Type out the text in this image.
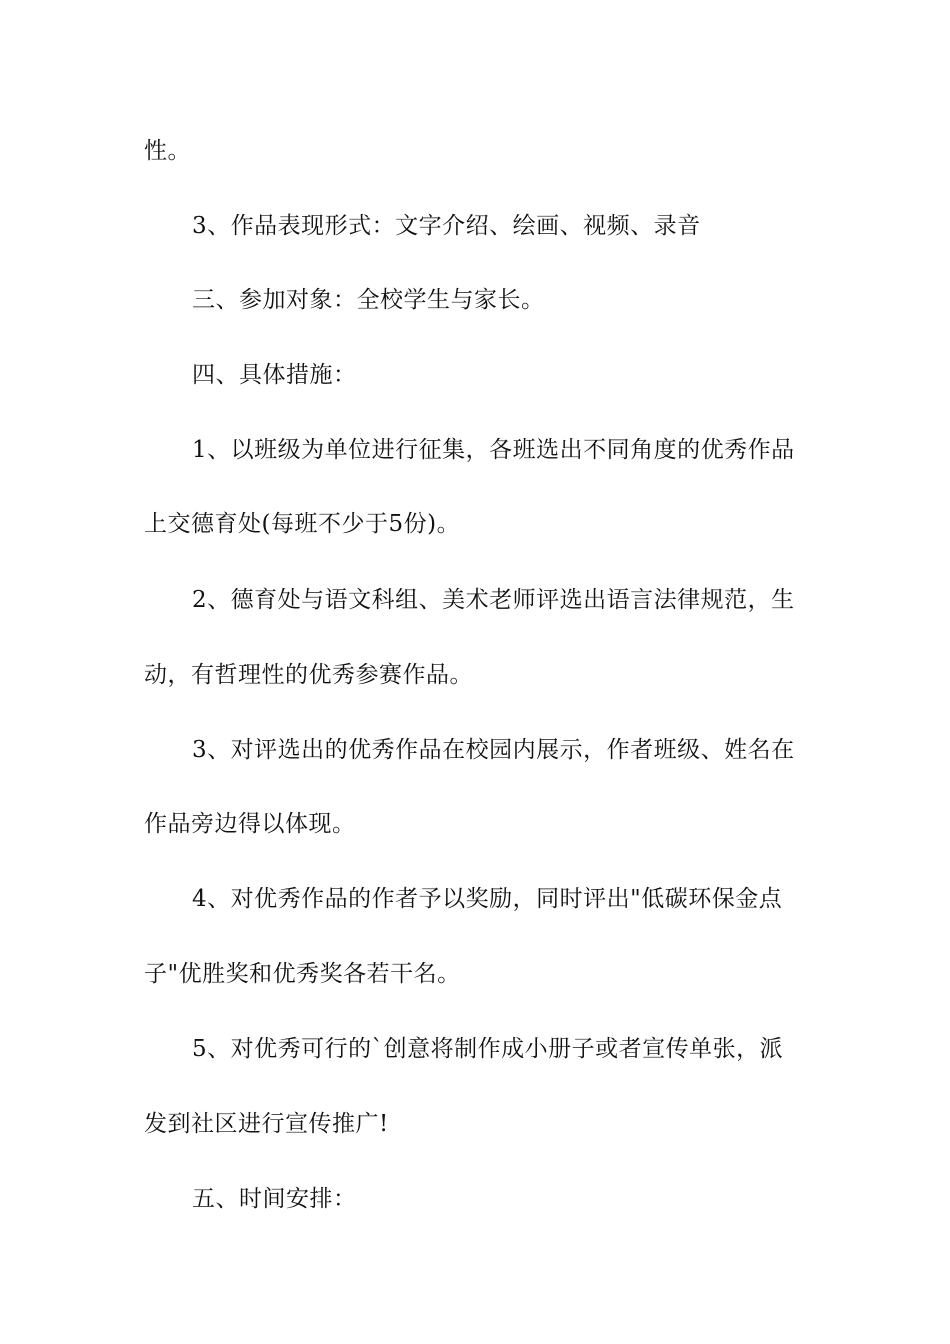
性。
3、作品表现形式：文字介绍、绘画、视频、录音
三、参加对象：全校学生与家长。
四、具体措施：
1、以班级为单位进行征集，各班选出不同角度的优秀作品
上交德育处(每班不少于5份)。
2、德育处与语文科组、美术老师评选出语言法律规范，生
动，有哲理性的优秀参赛作品。
3、对评选出的优秀作品在校园内展示，作者班级、姓名在
作品旁边得以体现。
4、对优秀作品的作者予以奖励，同时评出"低碳环保金点
子"优胜奖和优秀奖各若干名。
5、对优秀可行的`创意将制作成小册子或者宣传单张，派
发到社区进行宣传推广!
五、时间安排：
